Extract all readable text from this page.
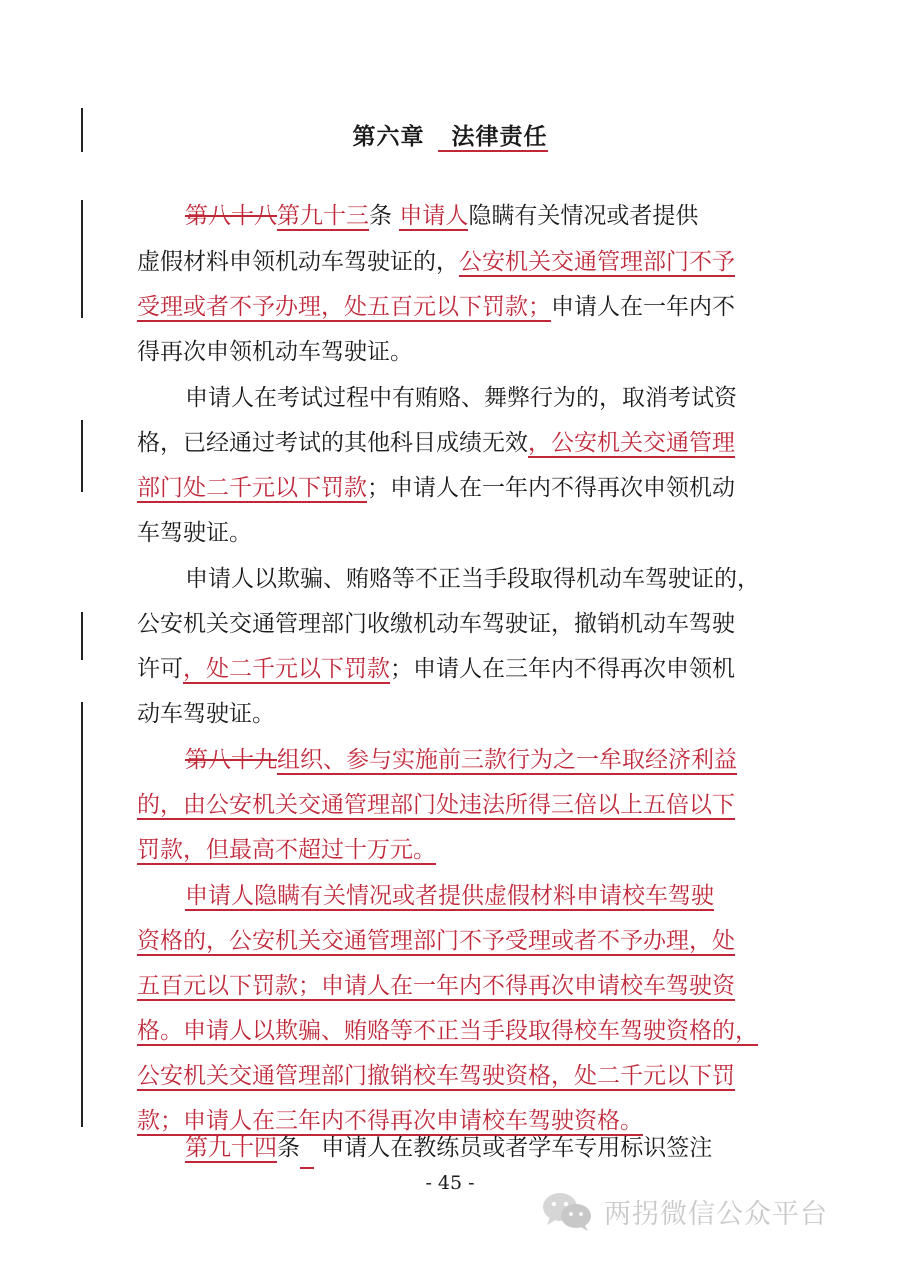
第六章 法律责任
第八十八第九十三条 申请人隐瞒有关情况或者提供
虚假材料申领机动车驾驶证的，公安机关交通管理部门不予
受理或者不予办理，处五百元以下罚款；申请人在一年内不
得再次申领机动车驾驶证。
申请人在考试过程中有贿赂、舞弊行为的，取消考试资
格，已经通过考试的其他科目成绩无效，公安机关交通管理
部门处二千元以下罚款；申请人在一年内不得再次申领机动
车驾驶证。
申请人以欺骗、贿赂等不正当手段取得机动车驾驶证的，
公安机关交通管理部门收缴机动车驾驶证，撤销机动车驾驶
许可，处二千元以下罚款；申请人在三年内不得再次申领机
动车驾驶证。
第八十九组织、参与实施前三款行为之一牟取经济利益
的，由公安机关交通管理部门处违法所得三倍以上五倍以下
罚款，但最高不超过十万元。
申请人隐瞒有关情况或者提供虚假材料申请校车驾驶
资格的，公安机关交通管理部门不予受理或者不予办理，处
五百元以下罚款；申请人在一年内不得再次申请校车驾驶资
格。申请人以欺骗、贿赂等不正当手段取得校车驾驶资格的，
公安机关交通管理部门撤销校车驾驶资格，处二千元以下罚
款；申请人在三年内不得再次申请校车驾驶资格。
第九十四条 申请人在教练员或者学车专用标识签注
- 45 -
两拐微信公众平台
